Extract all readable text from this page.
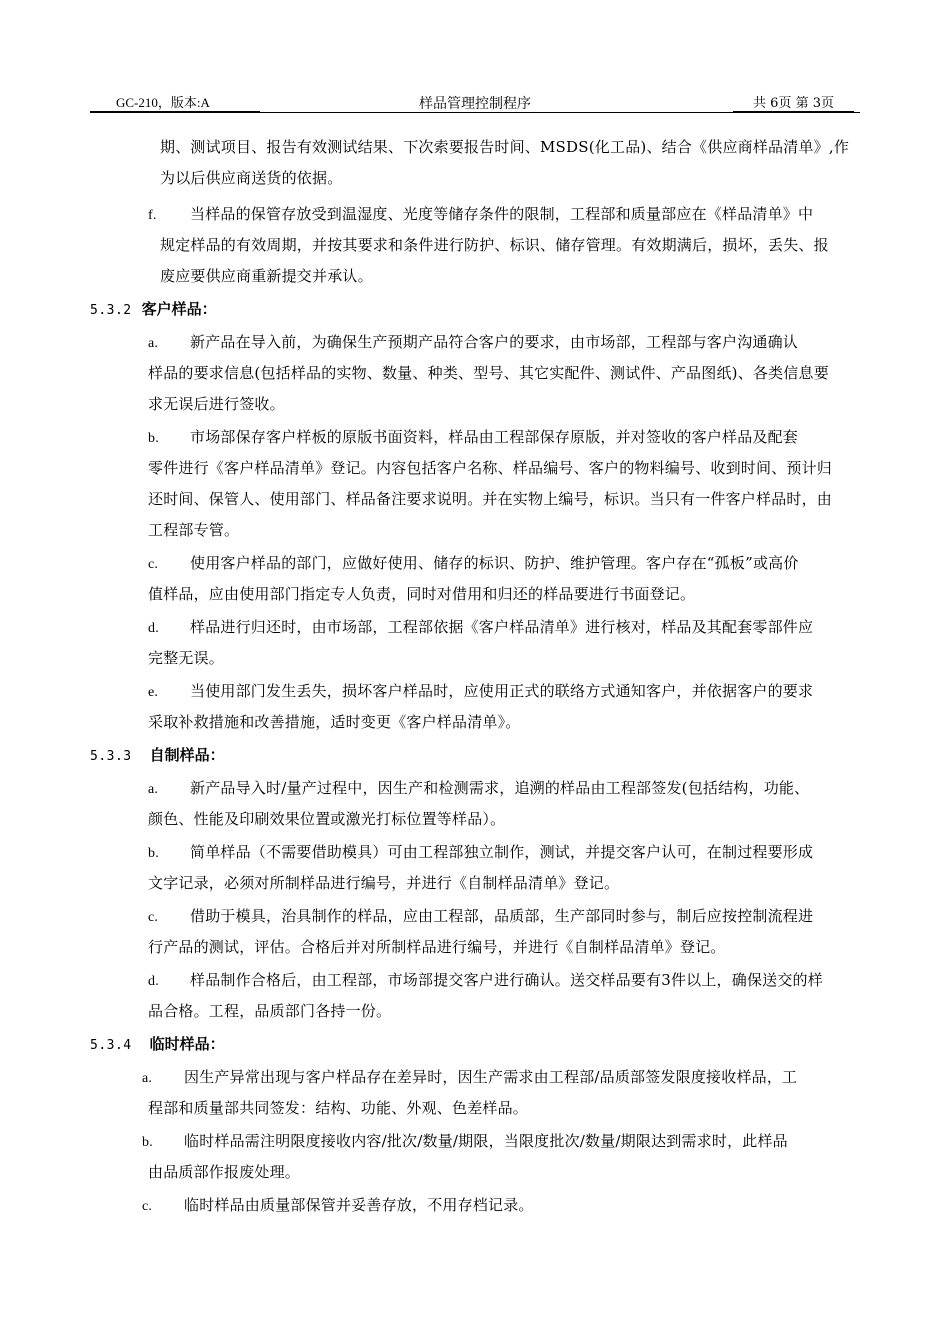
GC-210，版本:A	样品管理控制程序	共 6页 第 3页
期、测试项目、报告有效测试结果、下次索要报告时间、MSDS(化工品)、结合《供应商样品清单》,作
为以后供应商送货的依据。
f. 当样品的保管存放受到温湿度、光度等储存条件的限制，工程部和质量部应在《样品清单》中
规定样品的有效周期，并按其要求和条件进行防护、标识、储存管理。有效期满后，损坏，丢失、报
废应要供应商重新提交并承认。
5.3.2 客户样品：
a. 新产品在导入前，为确保生产预期产品符合客户的要求，由市场部，工程部与客户沟通确认
样品的要求信息(包括样品的实物、数量、种类、型号、其它实配件、测试件、产品图纸)、各类信息要
求无误后进行签收。
b. 市场部保存客户样板的原版书面资料，样品由工程部保存原版，并对签收的客户样品及配套
零件进行《客户样品清单》登记。内容包括客户名称、样品编号、客户的物料编号、收到时间、预计归
还时间、保管人、使用部门、样品备注要求说明。并在实物上编号，标识。当只有一件客户样品时，由
工程部专管。
c. 使用客户样品的部门，应做好使用、储存的标识、防护、维护管理。客户存在“孤板”或高价
值样品，应由使用部门指定专人负责，同时对借用和归还的样品要进行书面登记。
d. 样品进行归还时，由市场部，工程部依据《客户样品清单》进行核对，样品及其配套零部件应
完整无误。
e. 当使用部门发生丢失，损坏客户样品时，应使用正式的联络方式通知客户，并依据客户的要求
采取补救措施和改善措施，适时变更《客户样品清单》。
5.3.3 自制样品：
a. 新产品导入时/量产过程中，因生产和检测需求，追溯的样品由工程部签发(包括结构，功能、
颜色、性能及印刷效果位置或激光打标位置等样品）。
b. 简单样品（不需要借助模具）可由工程部独立制作，测试，并提交客户认可，在制过程要形成
文字记录，必须对所制样品进行编号，并进行《自制样品清单》登记。
c. 借助于模具，治具制作的样品，应由工程部，品质部，生产部同时参与，制后应按控制流程进
行产品的测试，评估。合格后并对所制样品进行编号，并进行《自制样品清单》登记。
d. 样品制作合格后，由工程部，市场部提交客户进行确认。送交样品要有3件以上，确保送交的样
品合格。工程，品质部门各持一份。
5.3.4 临时样品：
a. 因生产异常出现与客户样品存在差异时，因生产需求由工程部/品质部签发限度接收样品，工
程部和质量部共同签发：结构、功能、外观、色差样品。
b. 临时样品需注明限度接收内容/批次/数量/期限，当限度批次/数量/期限达到需求时，此样品
由品质部作报废处理。
c. 临时样品由质量部保管并妥善存放，不用存档记录。
